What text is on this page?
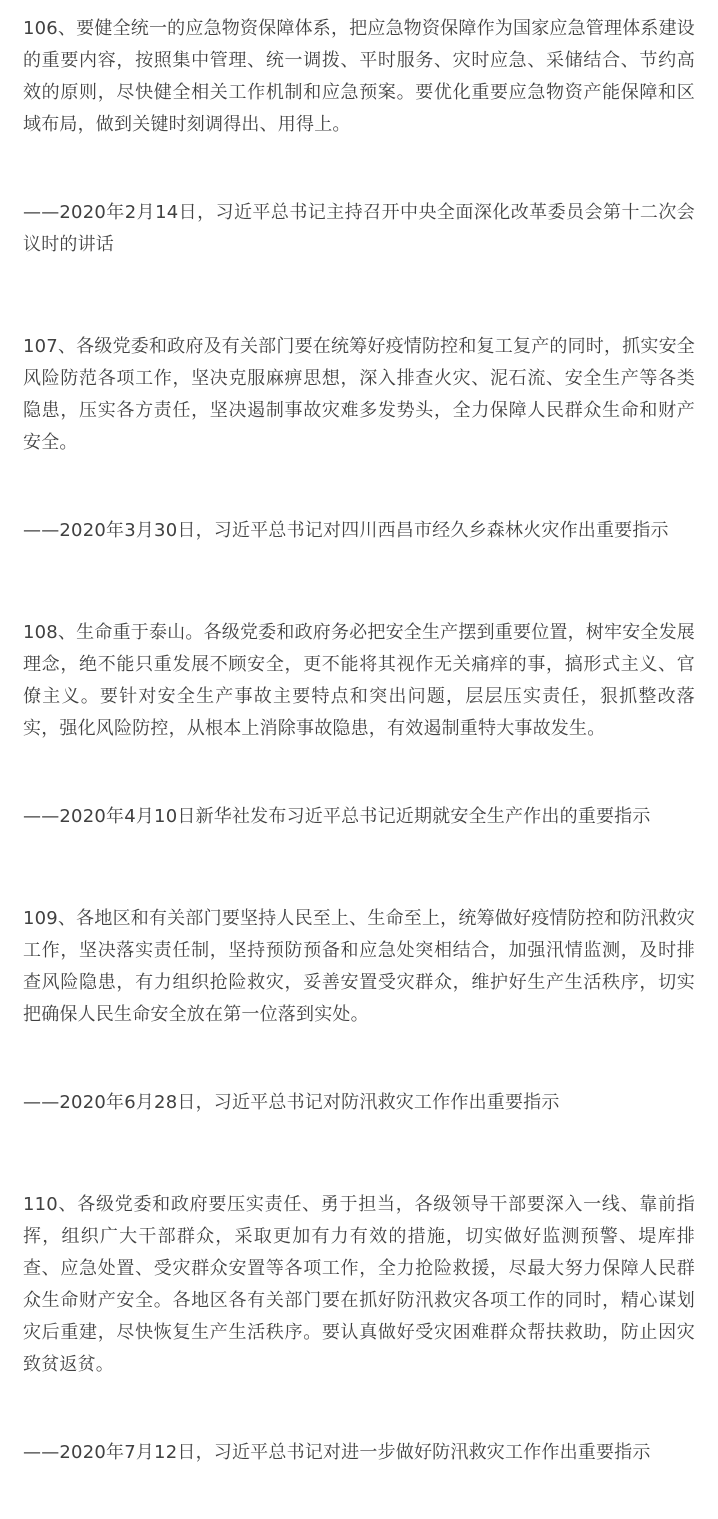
106、要健全统一的应急物资保障体系，把应急物资保障作为国家应急管理体系建设的重要内容，按照集中管理、统一调拨、平时服务、灾时应急、采储结合、节约高效的原则，尽快健全相关工作机制和应急预案。要优化重要应急物资产能保障和区域布局，做到关键时刻调得出、用得上。

——2020年2月14日，习近平总书记主持召开中央全面深化改革委员会第十二次会议时的讲话

107、各级党委和政府及有关部门要在统筹好疫情防控和复工复产的同时，抓实安全风险防范各项工作，坚决克服麻痹思想，深入排查火灾、泥石流、安全生产等各类隐患，压实各方责任，坚决遏制事故灾难多发势头，全力保障人民群众生命和财产安全。

——2020年3月30日，习近平总书记对四川西昌市经久乡森林火灾作出重要指示

108、生命重于泰山。各级党委和政府务必把安全生产摆到重要位置，树牢安全发展理念，绝不能只重发展不顾安全，更不能将其视作无关痛痒的事，搞形式主义、官僚主义。要针对安全生产事故主要特点和突出问题，层层压实责任，狠抓整改落实，强化风险防控，从根本上消除事故隐患，有效遏制重特大事故发生。

——2020年4月10日新华社发布习近平总书记近期就安全生产作出的重要指示

109、各地区和有关部门要坚持人民至上、生命至上，统筹做好疫情防控和防汛救灾工作，坚决落实责任制，坚持预防预备和应急处突相结合，加强汛情监测，及时排查风险隐患，有力组织抢险救灾，妥善安置受灾群众，维护好生产生活秩序，切实把确保人民生命安全放在第一位落到实处。

——2020年6月28日，习近平总书记对防汛救灾工作作出重要指示

110、各级党委和政府要压实责任、勇于担当，各级领导干部要深入一线、靠前指挥，组织广大干部群众，采取更加有力有效的措施，切实做好监测预警、堤库排查、应急处置、受灾群众安置等各项工作，全力抢险救援，尽最大努力保障人民群众生命财产安全。各地区各有关部门要在抓好防汛救灾各项工作的同时，精心谋划灾后重建，尽快恢复生产生活秩序。要认真做好受灾困难群众帮扶救助，防止因灾致贫返贫。

——2020年7月12日，习近平总书记对进一步做好防汛救灾工作作出重要指示
